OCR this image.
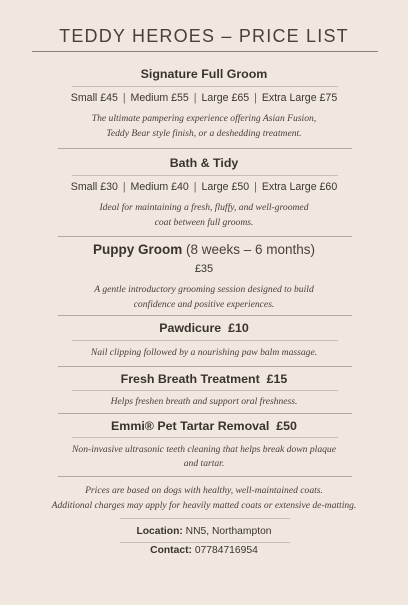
TEDDY HEROES – PRICE LIST
Signature Full Groom
Small £45 | Medium £55 | Large £65 | Extra Large £75
The ultimate pampering experience offering Asian Fusion,
Teddy Bear style finish, or a deshedding treatment.
Bath & Tidy
Small £30 | Medium £40 | Large £50 | Extra Large £60
Ideal for maintaining a fresh, fluffy, and well-groomed
coat between full grooms.
Puppy Groom (8 weeks – 6 months)
£35
A gentle introductory grooming session designed to build
confidence and positive experiences.
Pawdicure £10
Nail clipping followed by a nourishing paw balm massage.
Fresh Breath Treatment £15
Helps freshen breath and support oral freshness.
Emmi® Pet Tartar Removal £50
Non-invasive ultrasonic teeth cleaning that helps break down plaque
and tartar.
Prices are based on dogs with healthy, well-maintained coats.
Additional charges may apply for heavily matted coats or extensive de-matting.
Location: NN5, Northampton
Contact: 07784716954
